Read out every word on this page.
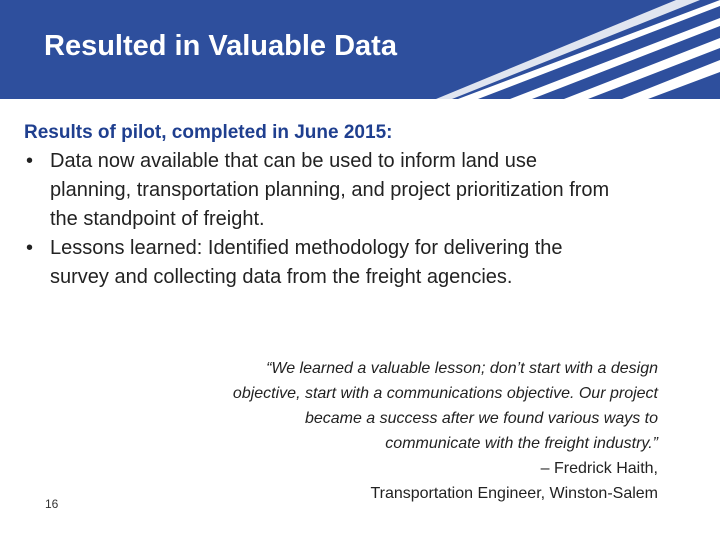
Resulted in Valuable Data

Results of pilot, completed in June 2015:

• Data now available that can be used to inform land use planning, transportation planning, and project prioritization from the standpoint of freight.
• Lessons learned: Identified methodology for delivering the survey and collecting data from the freight agencies.
“We learned a valuable lesson; don’t start with a design
objective, start with a communications objective. Our project
became a success after we found various ways to
communicate with the freight industry.”
– Fredrick Haith,
Transportation Engineer, Winston-Salem
16
